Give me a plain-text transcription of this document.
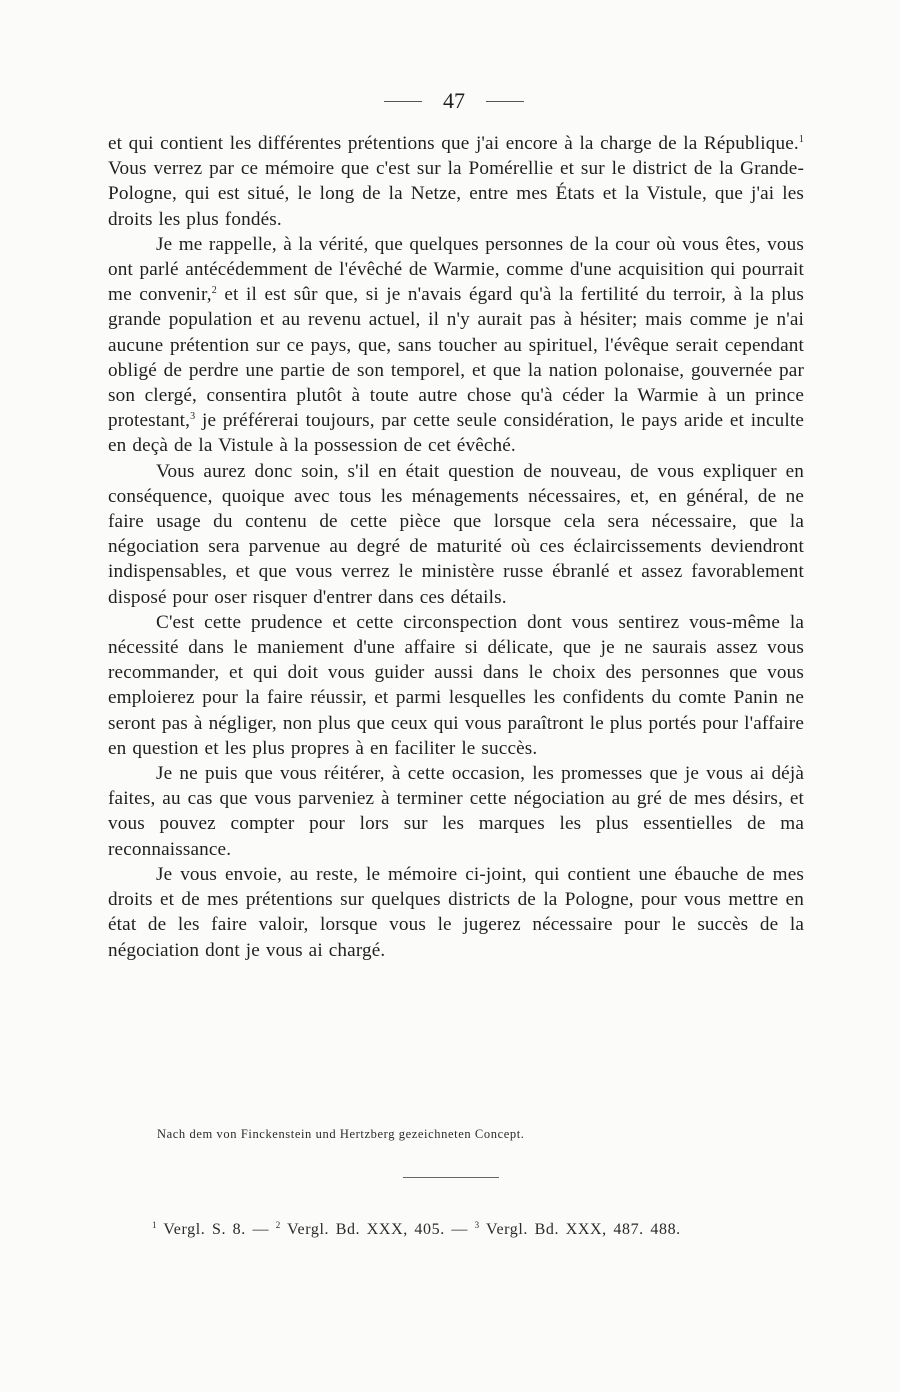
47

et qui contient les différentes prétentions que j'ai encore à la charge de la République.$^1$ Vous verrez par ce mémoire que c'est sur la Pomérellie et sur le district de la Grande-Pologne, qui est situé, le long de la Netze, entre mes États et la Vistule, que j'ai les droits les plus fondés.

Je me rappelle, à la vérité, que quelques personnes de la cour où vous êtes, vous ont parlé antécédemment de l'évêché de Warmie, comme d'une acquisition qui pourrait me convenir,$^2$ et il est sûr que, si je n'avais égard qu'à la fertilité du terroir, à la plus grande population et au revenu actuel, il n'y aurait pas à hésiter; mais comme je n'ai aucune prétention sur ce pays, que, sans toucher au spirituel, l'évêque serait cependant obligé de perdre une partie de son temporel, et que la nation polonaise, gouvernée par son clergé, consentira plutôt à toute autre chose qu'à céder la Warmie à un prince protestant,$^3$ je préférerai toujours, par cette seule considération, le pays aride et inculte en deçà de la Vistule à la possession de cet évêché.

Vous aurez donc soin, s'il en était question de nouveau, de vous expliquer en conséquence, quoique avec tous les ménagements nécessaires, et, en général, de ne faire usage du contenu de cette pièce que lorsque cela sera nécessaire, que la négociation sera parvenue au degré de maturité où ces éclaircissements deviendront indispensables, et que vous verrez le ministère russe ébranlé et assez favorablement disposé pour oser risquer d'entrer dans ces détails.

C'est cette prudence et cette circonspection dont vous sentirez vous-même la nécessité dans le maniement d'une affaire si délicate, que je ne saurais assez vous recommander, et qui doit vous guider aussi dans le choix des personnes que vous emploierez pour la faire réussir, et parmi lesquelles les confidents du comte Panin ne seront pas à négliger, non plus que ceux qui vous paraîtront le plus portés pour l'affaire en question et les plus propres à en faciliter le succès.

Je ne puis que vous réitérer, à cette occasion, les promesses que je vous ai déjà faites, au cas que vous parveniez à terminer cette négociation au gré de mes désirs, et vous pouvez compter pour lors sur les marques les plus essentielles de ma reconnaissance.

Je vous envoie, au reste, le mémoire ci-joint, qui contient une ébauche de mes droits et de mes prétentions sur quelques districts de la Pologne, pour vous mettre en état de les faire valoir, lorsque vous le jugerez nécessaire pour le succès de la négociation dont je vous ai chargé.

Nach dem von Finckenstein und Hertzberg gezeichneten Concept.
$^1$ Vergl. S. 8. — $^2$ Vergl. Bd. XXX, 405. — $^3$ Vergl. Bd. XXX, 487. 488.
